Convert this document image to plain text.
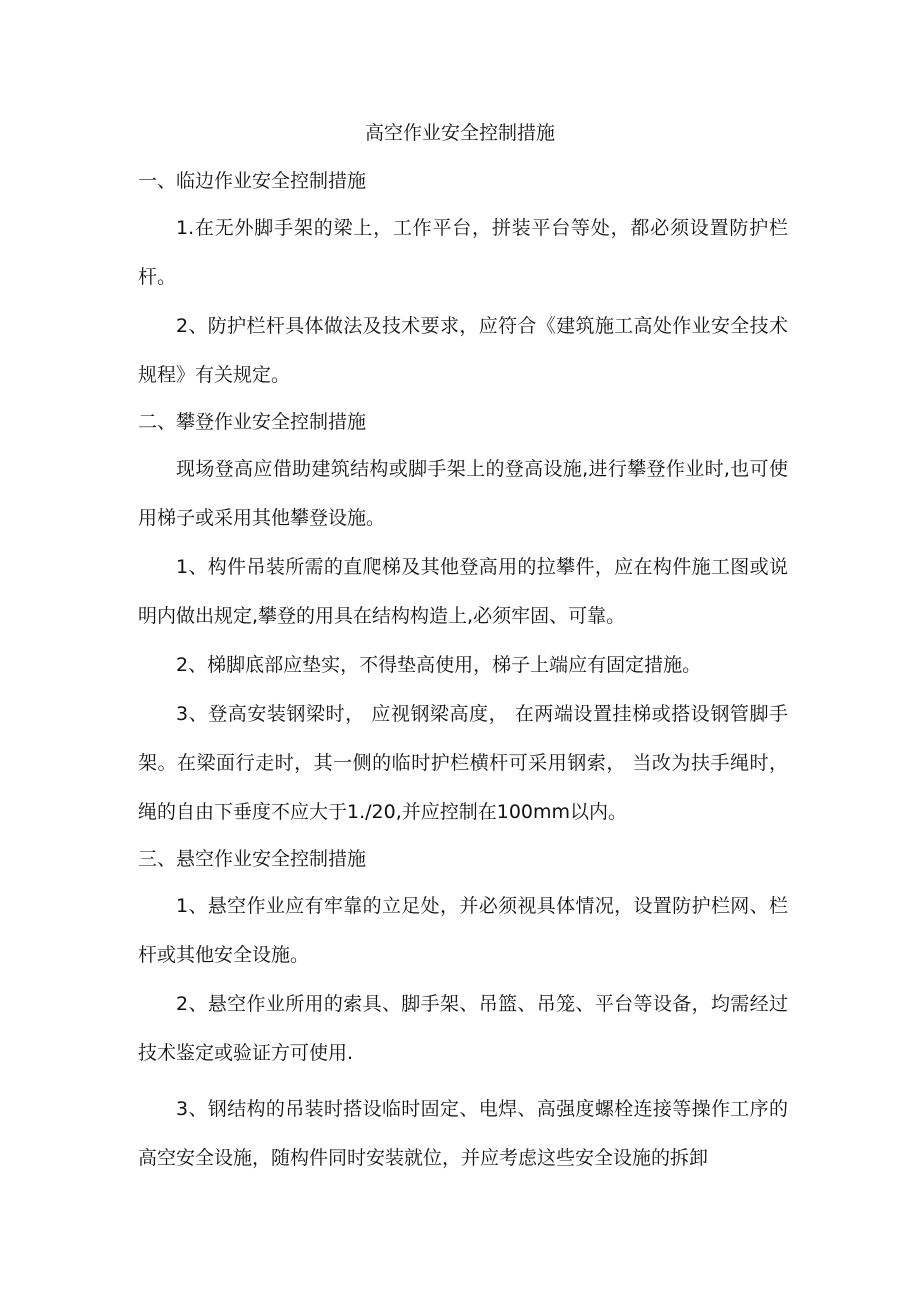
高空作业安全控制措施
一、临边作业安全控制措施

1.在无外脚手架的梁上，工作平台，拼装平台等处，都必须设置防护栏杆。

2、防护栏杆具体做法及技术要求，应符合《建筑施工高处作业安全技术规程》有关规定。

二、攀登作业安全控制措施

现场登高应借助建筑结构或脚手架上的登高设施,进行攀登作业时,也可使用梯子或采用其他攀登设施。

1、构件吊装所需的直爬梯及其他登高用的拉攀件，应在构件施工图或说明内做出规定,攀登的用具在结构构造上,必须牢固、可靠。

2、梯脚底部应垫实，不得垫高使用，梯子上端应有固定措施。

3、登高安装钢梁时， 应视钢梁高度， 在两端设置挂梯或搭设钢管脚手架。在梁面行走时，其一侧的临时护栏横杆可采用钢索， 当改为扶手绳时， 绳的自由下垂度不应大于1./20,并应控制在100mm以内。

三、悬空作业安全控制措施

1、悬空作业应有牢靠的立足处，并必须视具体情况，设置防护栏网、栏杆或其他安全设施。

2、悬空作业所用的索具、脚手架、吊篮、吊笼、平台等设备，均需经过技术鉴定或验证方可使用.

3、钢结构的吊装时搭设临时固定、电焊、高强度螺栓连接等操作工序的高空安全设施，随构件同时安装就位，并应考虑这些安全设施的拆卸
